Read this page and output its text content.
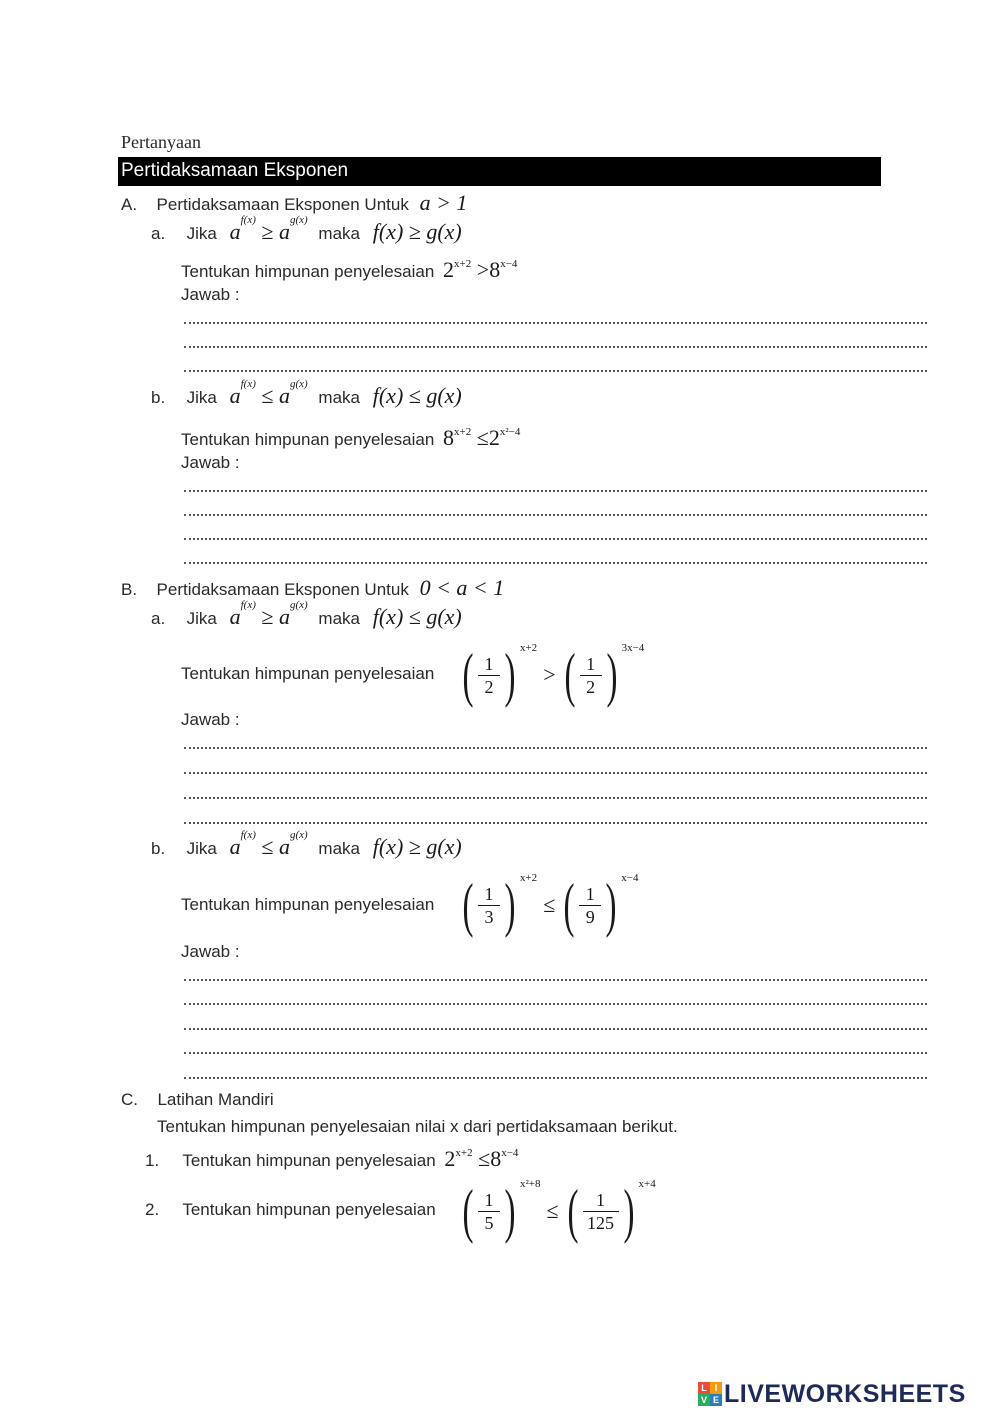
Pertanyaan
Pertidaksamaan Eksponen
A. Pertidaksamaan Eksponen Untuk a > 1
a. Jika $a^{f(x)} \ge a^{g(x)}$ maka f(x) ≥ g(x)
Tentukan himpunan penyelesaian $2^{x+2} >8^{x-4}$
Jawab :
b. Jika $a^{f(x)} \le a^{g(x)}$ maka f(x) ≤ g(x)
Tentukan himpunan penyelesaian $8^{x+2} \le 2^{x^2-4}$
Jawab :
B. Pertidaksamaan Eksponen Untuk 0 < a < 1
a. Jika $a^{f(x)} \ge a^{g(x)}$ maka f(x) ≤ g(x)
Tentukan himpunan penyelesaian ( $\frac{1}{2}$ ) x+2
> ( $\frac{1}{2}$ ) 3x−4
Jawab :
b. Jika $a^{f(x)} \le a^{g(x)}$ maka f(x) ≥ g(x)
Tentukan himpunan penyelesaian ( $\frac{1}{3}$ ) x+2
≤ ( $\frac{1}{9}$ ) x−4
Jawab :
C. Latihan Mandiri
Tentukan himpunan penyelesaian nilai x dari pertidaksamaan berikut.
1. Tentukan himpunan penyelesaian $2^{x+2} \le 8^{x-4}$
2. Tentukan himpunan penyelesaian ( $\frac{1}{5}$ ) x²+8
≤ ( $\frac{1}{125}$ ) x+4
L I
V E LIVEWORKSHEETS
